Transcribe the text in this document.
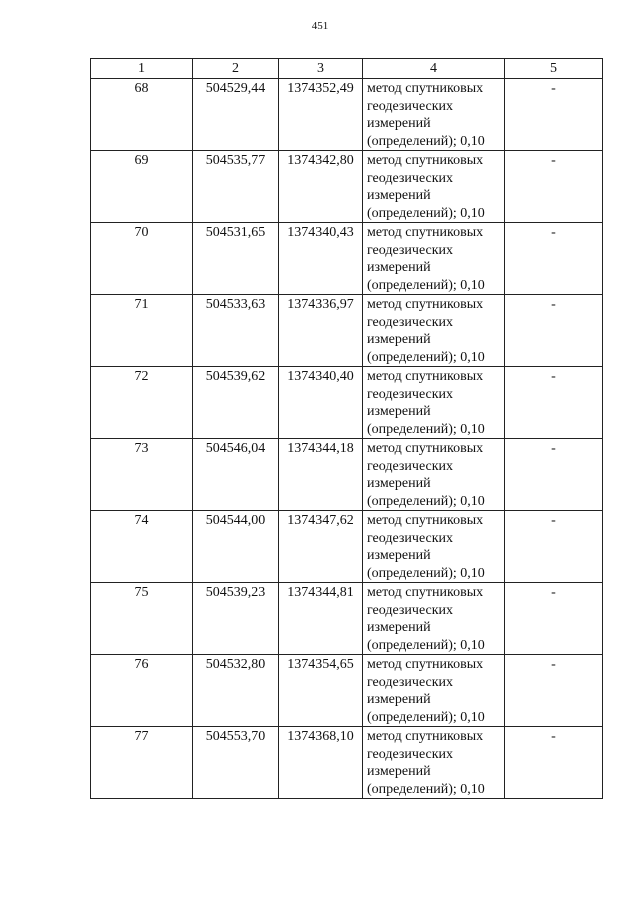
451
1	2	3	4	5
68	504529,44	1374352,49	метод спутниковых
геодезических
измерений
(определений); 0,10	-
69	504535,77	1374342,80	метод спутниковых
геодезических
измерений
(определений); 0,10	-
70	504531,65	1374340,43	метод спутниковых
геодезических
измерений
(определений); 0,10	-
71	504533,63	1374336,97	метод спутниковых
геодезических
измерений
(определений); 0,10	-
72	504539,62	1374340,40	метод спутниковых
геодезических
измерений
(определений); 0,10	-
73	504546,04	1374344,18	метод спутниковых
геодезических
измерений
(определений); 0,10	-
74	504544,00	1374347,62	метод спутниковых
геодезических
измерений
(определений); 0,10	-
75	504539,23	1374344,81	метод спутниковых
геодезических
измерений
(определений); 0,10	-
76	504532,80	1374354,65	метод спутниковых
геодезических
измерений
(определений); 0,10	-
77	504553,70	1374368,10	метод спутниковых
геодезических
измерений
(определений); 0,10	-
